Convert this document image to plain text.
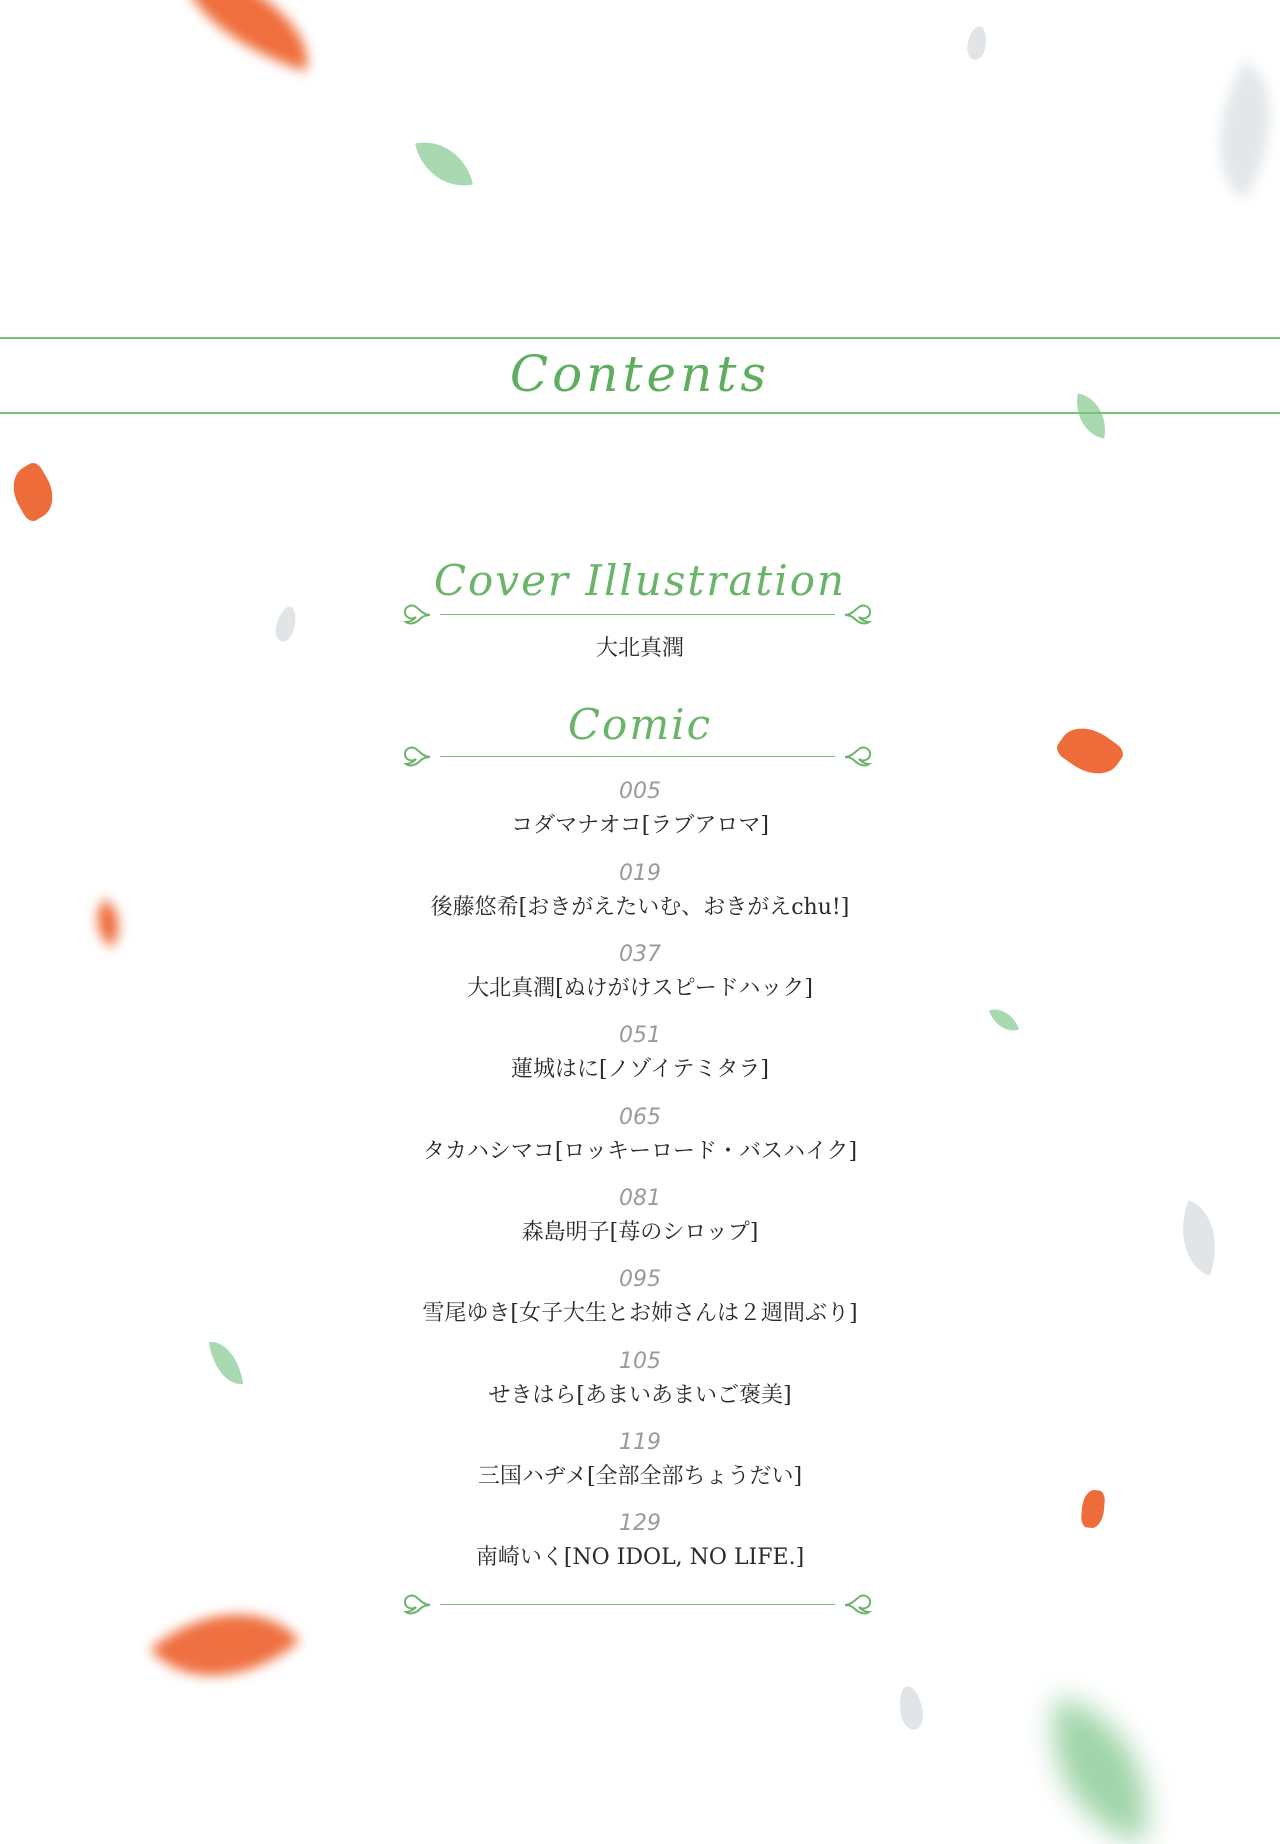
Contents
Cover Illustration
大北真潤
Comic
005
コダマナオコ[ラブアロマ]
019
後藤悠希[おきがえたいむ、おきがえchu!]
037
大北真潤[ぬけがけスピードハック]
051
蓮城はに[ノゾイテミタラ]
065
タカハシマコ[ロッキーロード・バスハイク]
081
森島明子[苺のシロップ]
095
雪尾ゆき[女子大生とお姉さんは２週間ぶり]
105
せきはら[あまいあまいご褒美]
119
三国ハヂメ[全部全部ちょうだい]
129
南崎いく[NO IDOL, NO LIFE.]
